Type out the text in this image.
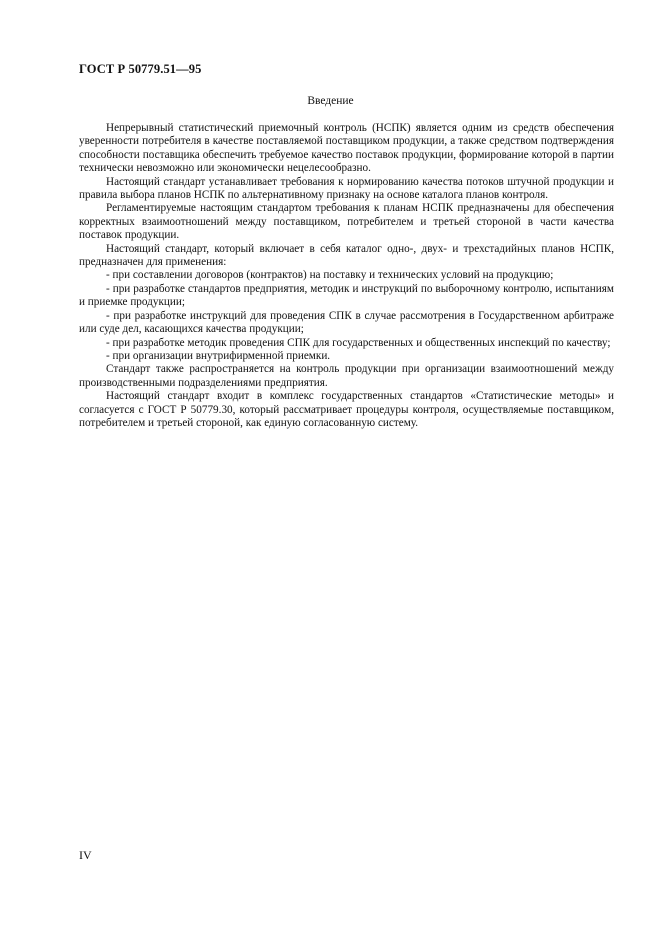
ГОСТ Р 50779.51—95
Введение

Непрерывный статистический приемочный контроль (НСПК) является одним из средств обеспечения уверенности потребителя в качестве поставляемой поставщиком продукции, а также средством подтверждения способности поставщика обеспечить требуемое качество поставок продукции, формирование которой в партии технически невозможно или экономически нецелесообразно.

Настоящий стандарт устанавливает требования к нормированию качества потоков штучной продукции и правила выбора планов НСПК по альтернативному признаку на основе каталога планов контроля.

Регламентируемые настоящим стандартом требования к планам НСПК предназначены для обеспечения корректных взаимоотношений между поставщиком, потребителем и третьей стороной в части качества поставок продукции.

Настоящий стандарт, который включает в себя каталог одно-, двух- и трехстадийных планов НСПК, предназначен для применения:

- при составлении договоров (контрактов) на поставку и технических условий на продукцию;

- при разработке стандартов предприятия, методик и инструкций по выборочному контролю, испытаниям и приемке продукции;

- при разработке инструкций для проведения СПК в случае рассмотрения в Государственном арбитраже или суде дел, касающихся качества продукции;

- при разработке методик проведения СПК для государственных и общественных инспекций по качеству;

- при организации внутрифирменной приемки.

Стандарт также распространяется на контроль продукции при организации взаимоотношений между производственными подразделениями предприятия.

Настоящий стандарт входит в комплекс государственных стандартов «Статистические методы» и согласуется с ГОСТ Р 50779.30, который рассматривает процедуры контроля, осуществляемые поставщиком, потребителем и третьей стороной, как единую согласованную систему.

IV
